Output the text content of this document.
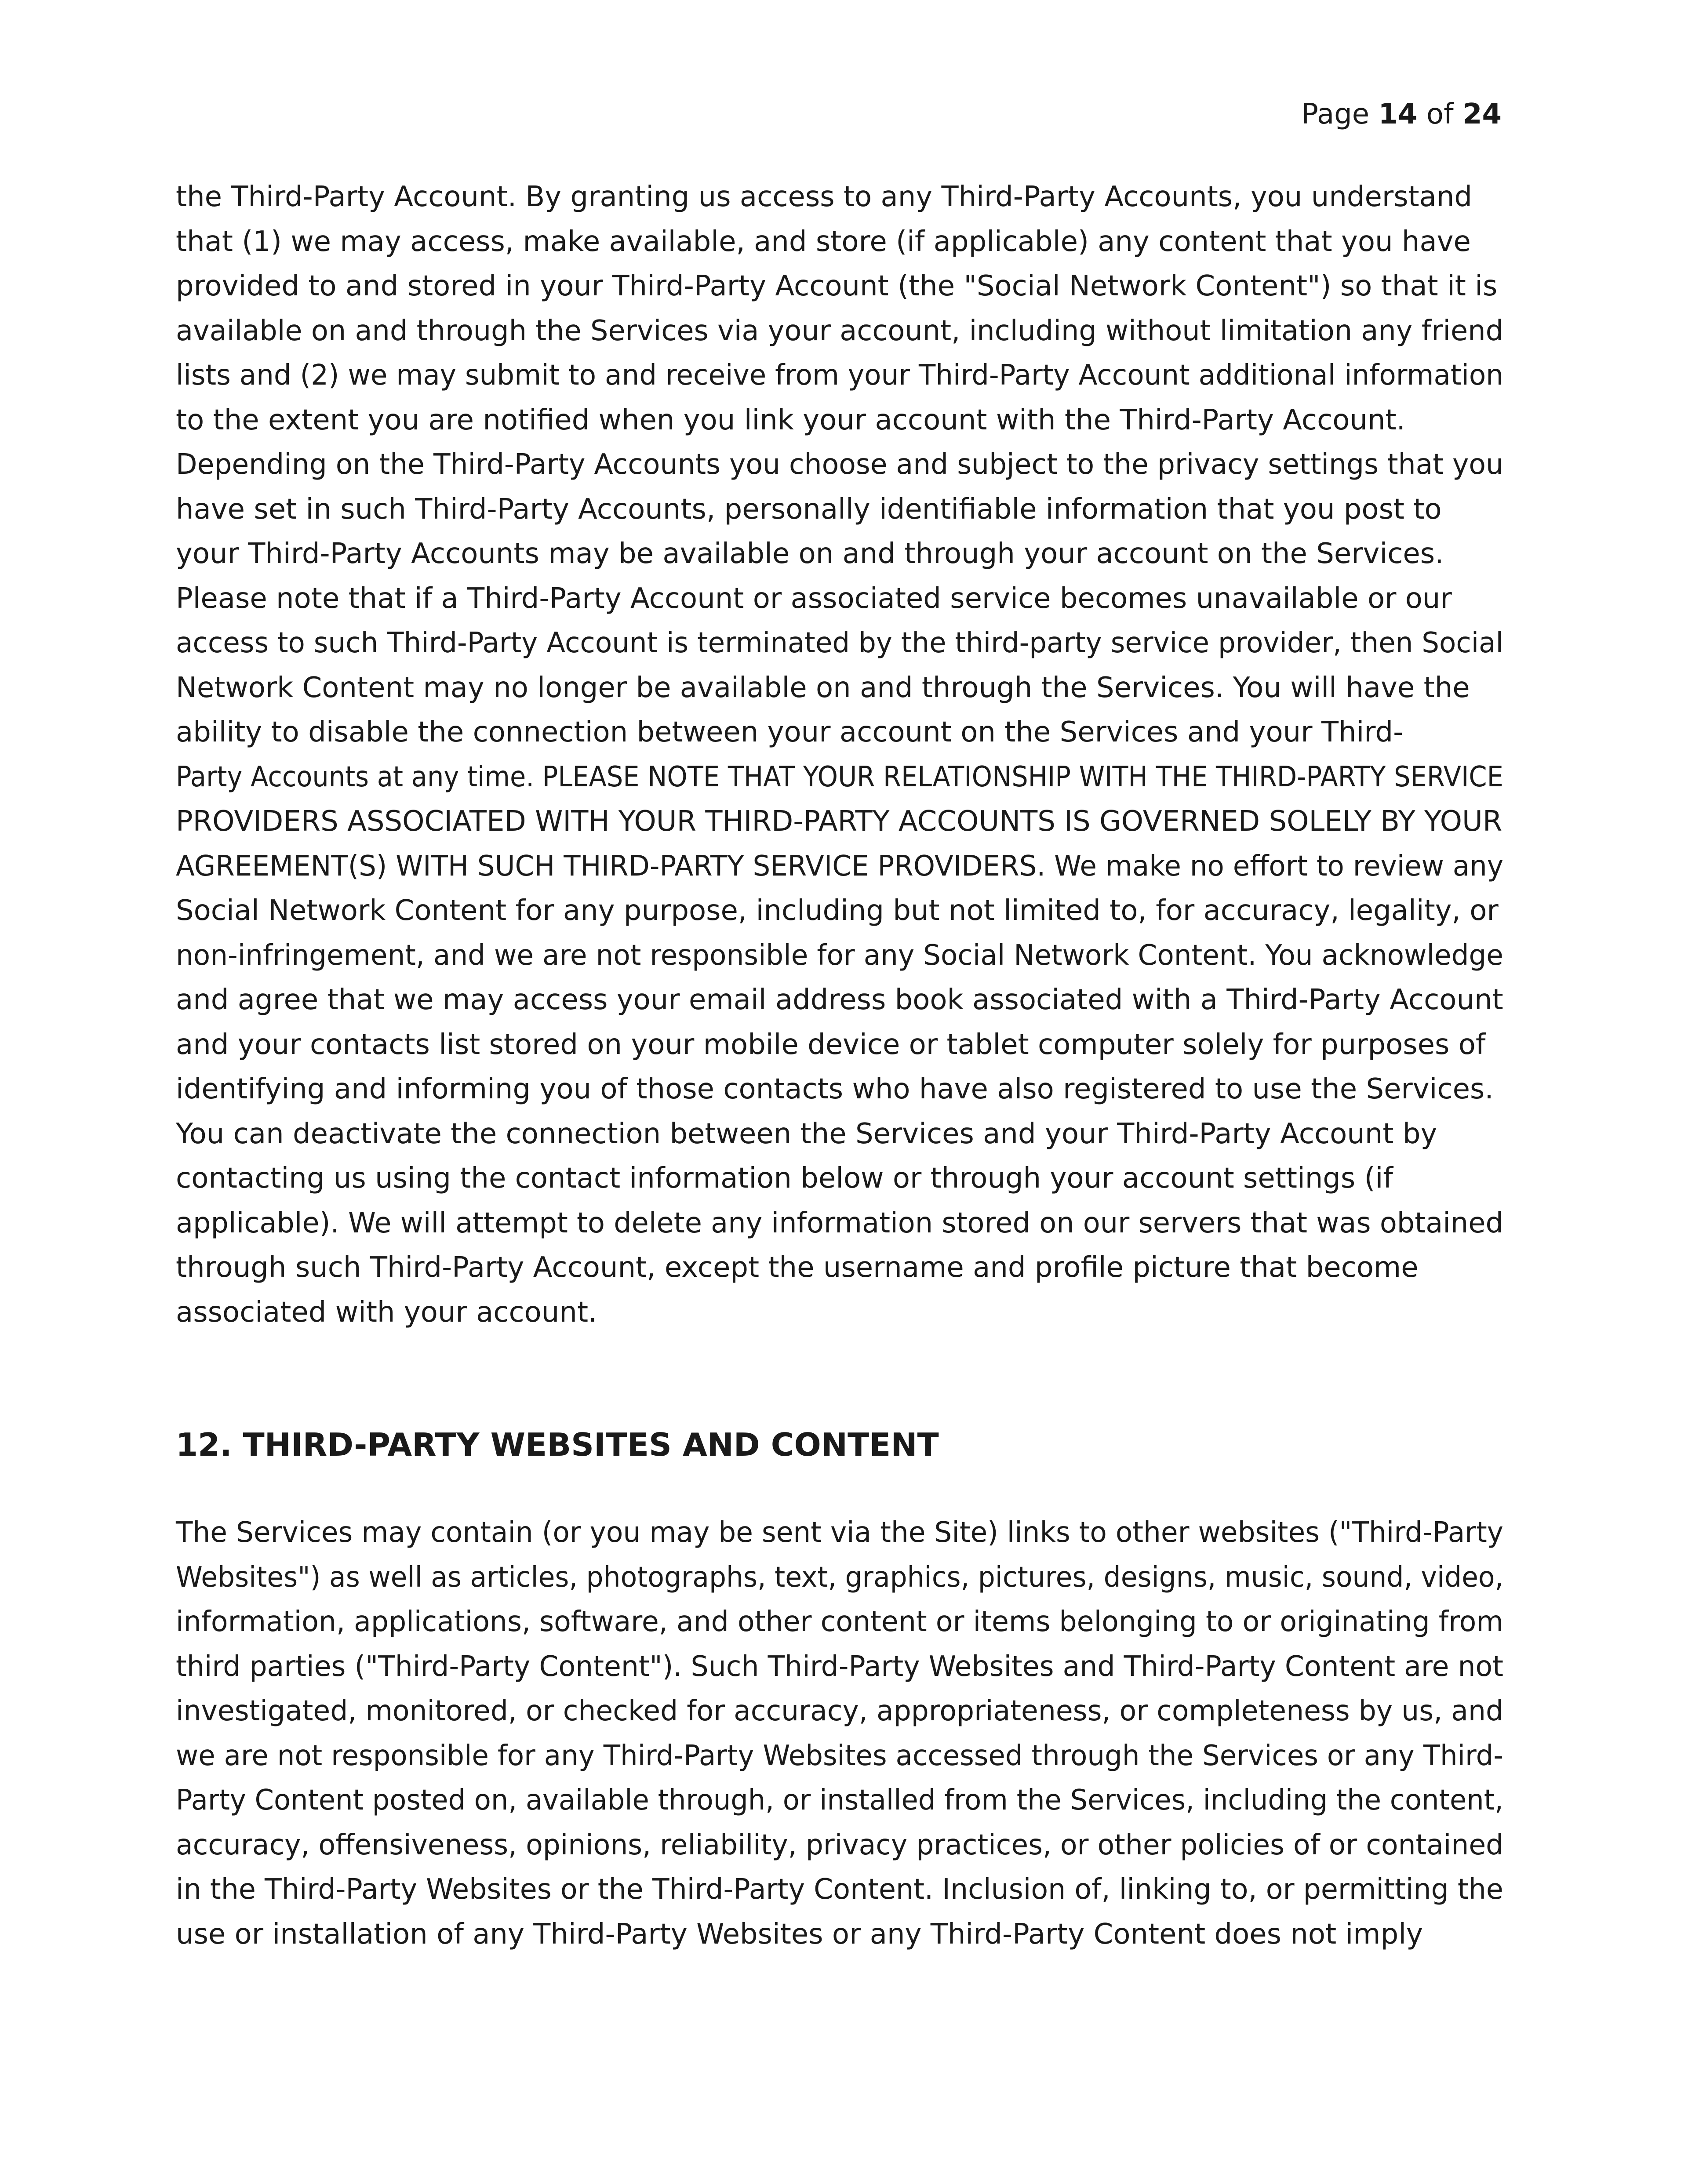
Page 14 of 24
the Third-Party Account. By granting us access to any Third-Party Accounts, you understand
that (1) we may access, make available, and store (if applicable) any content that you have
provided to and stored in your Third-Party Account (the "Social Network Content") so that it is
available on and through the Services via your account, including without limitation any friend
lists and (2) we may submit to and receive from your Third-Party Account additional information
to the extent you are notified when you link your account with the Third-Party Account.
Depending on the Third-Party Accounts you choose and subject to the privacy settings that you
have set in such Third-Party Accounts, personally identifiable information that you post to
your Third-Party Accounts may be available on and through your account on the Services.
Please note that if a Third-Party Account or associated service becomes unavailable or our
access to such Third-Party Account is terminated by the third-party service provider, then Social
Network Content may no longer be available on and through the Services. You will have the
ability to disable the connection between your account on the Services and your Third-
Party Accounts at any time. PLEASE NOTE THAT YOUR RELATIONSHIP WITH THE THIRD-PARTY SERVICE
PROVIDERS ASSOCIATED WITH YOUR THIRD-PARTY ACCOUNTS IS GOVERNED SOLELY BY YOUR
AGREEMENT(S) WITH SUCH THIRD-PARTY SERVICE PROVIDERS. We make no effort to review any
Social Network Content for any purpose, including but not limited to, for accuracy, legality, or
non-infringement, and we are not responsible for any Social Network Content. You acknowledge
and agree that we may access your email address book associated with a Third-Party Account
and your contacts list stored on your mobile device or tablet computer solely for purposes of
identifying and informing you of those contacts who have also registered to use the Services.
You can deactivate the connection between the Services and your Third-Party Account by
contacting us using the contact information below or through your account settings (if
applicable). We will attempt to delete any information stored on our servers that was obtained
through such Third-Party Account, except the username and profile picture that become
associated with your account.
12. THIRD-PARTY WEBSITES AND CONTENT
The Services may contain (or you may be sent via the Site) links to other websites ("Third-Party
Websites") as well as articles, photographs, text, graphics, pictures, designs, music, sound, video,
information, applications, software, and other content or items belonging to or originating from
third parties ("Third-Party Content"). Such Third-Party Websites and Third-Party Content are not
investigated, monitored, or checked for accuracy, appropriateness, or completeness by us, and
we are not responsible for any Third-Party Websites accessed through the Services or any Third-
Party Content posted on, available through, or installed from the Services, including the content,
accuracy, offensiveness, opinions, reliability, privacy practices, or other policies of or contained
in the Third-Party Websites or the Third-Party Content. Inclusion of, linking to, or permitting the
use or installation of any Third-Party Websites or any Third-Party Content does not imply
